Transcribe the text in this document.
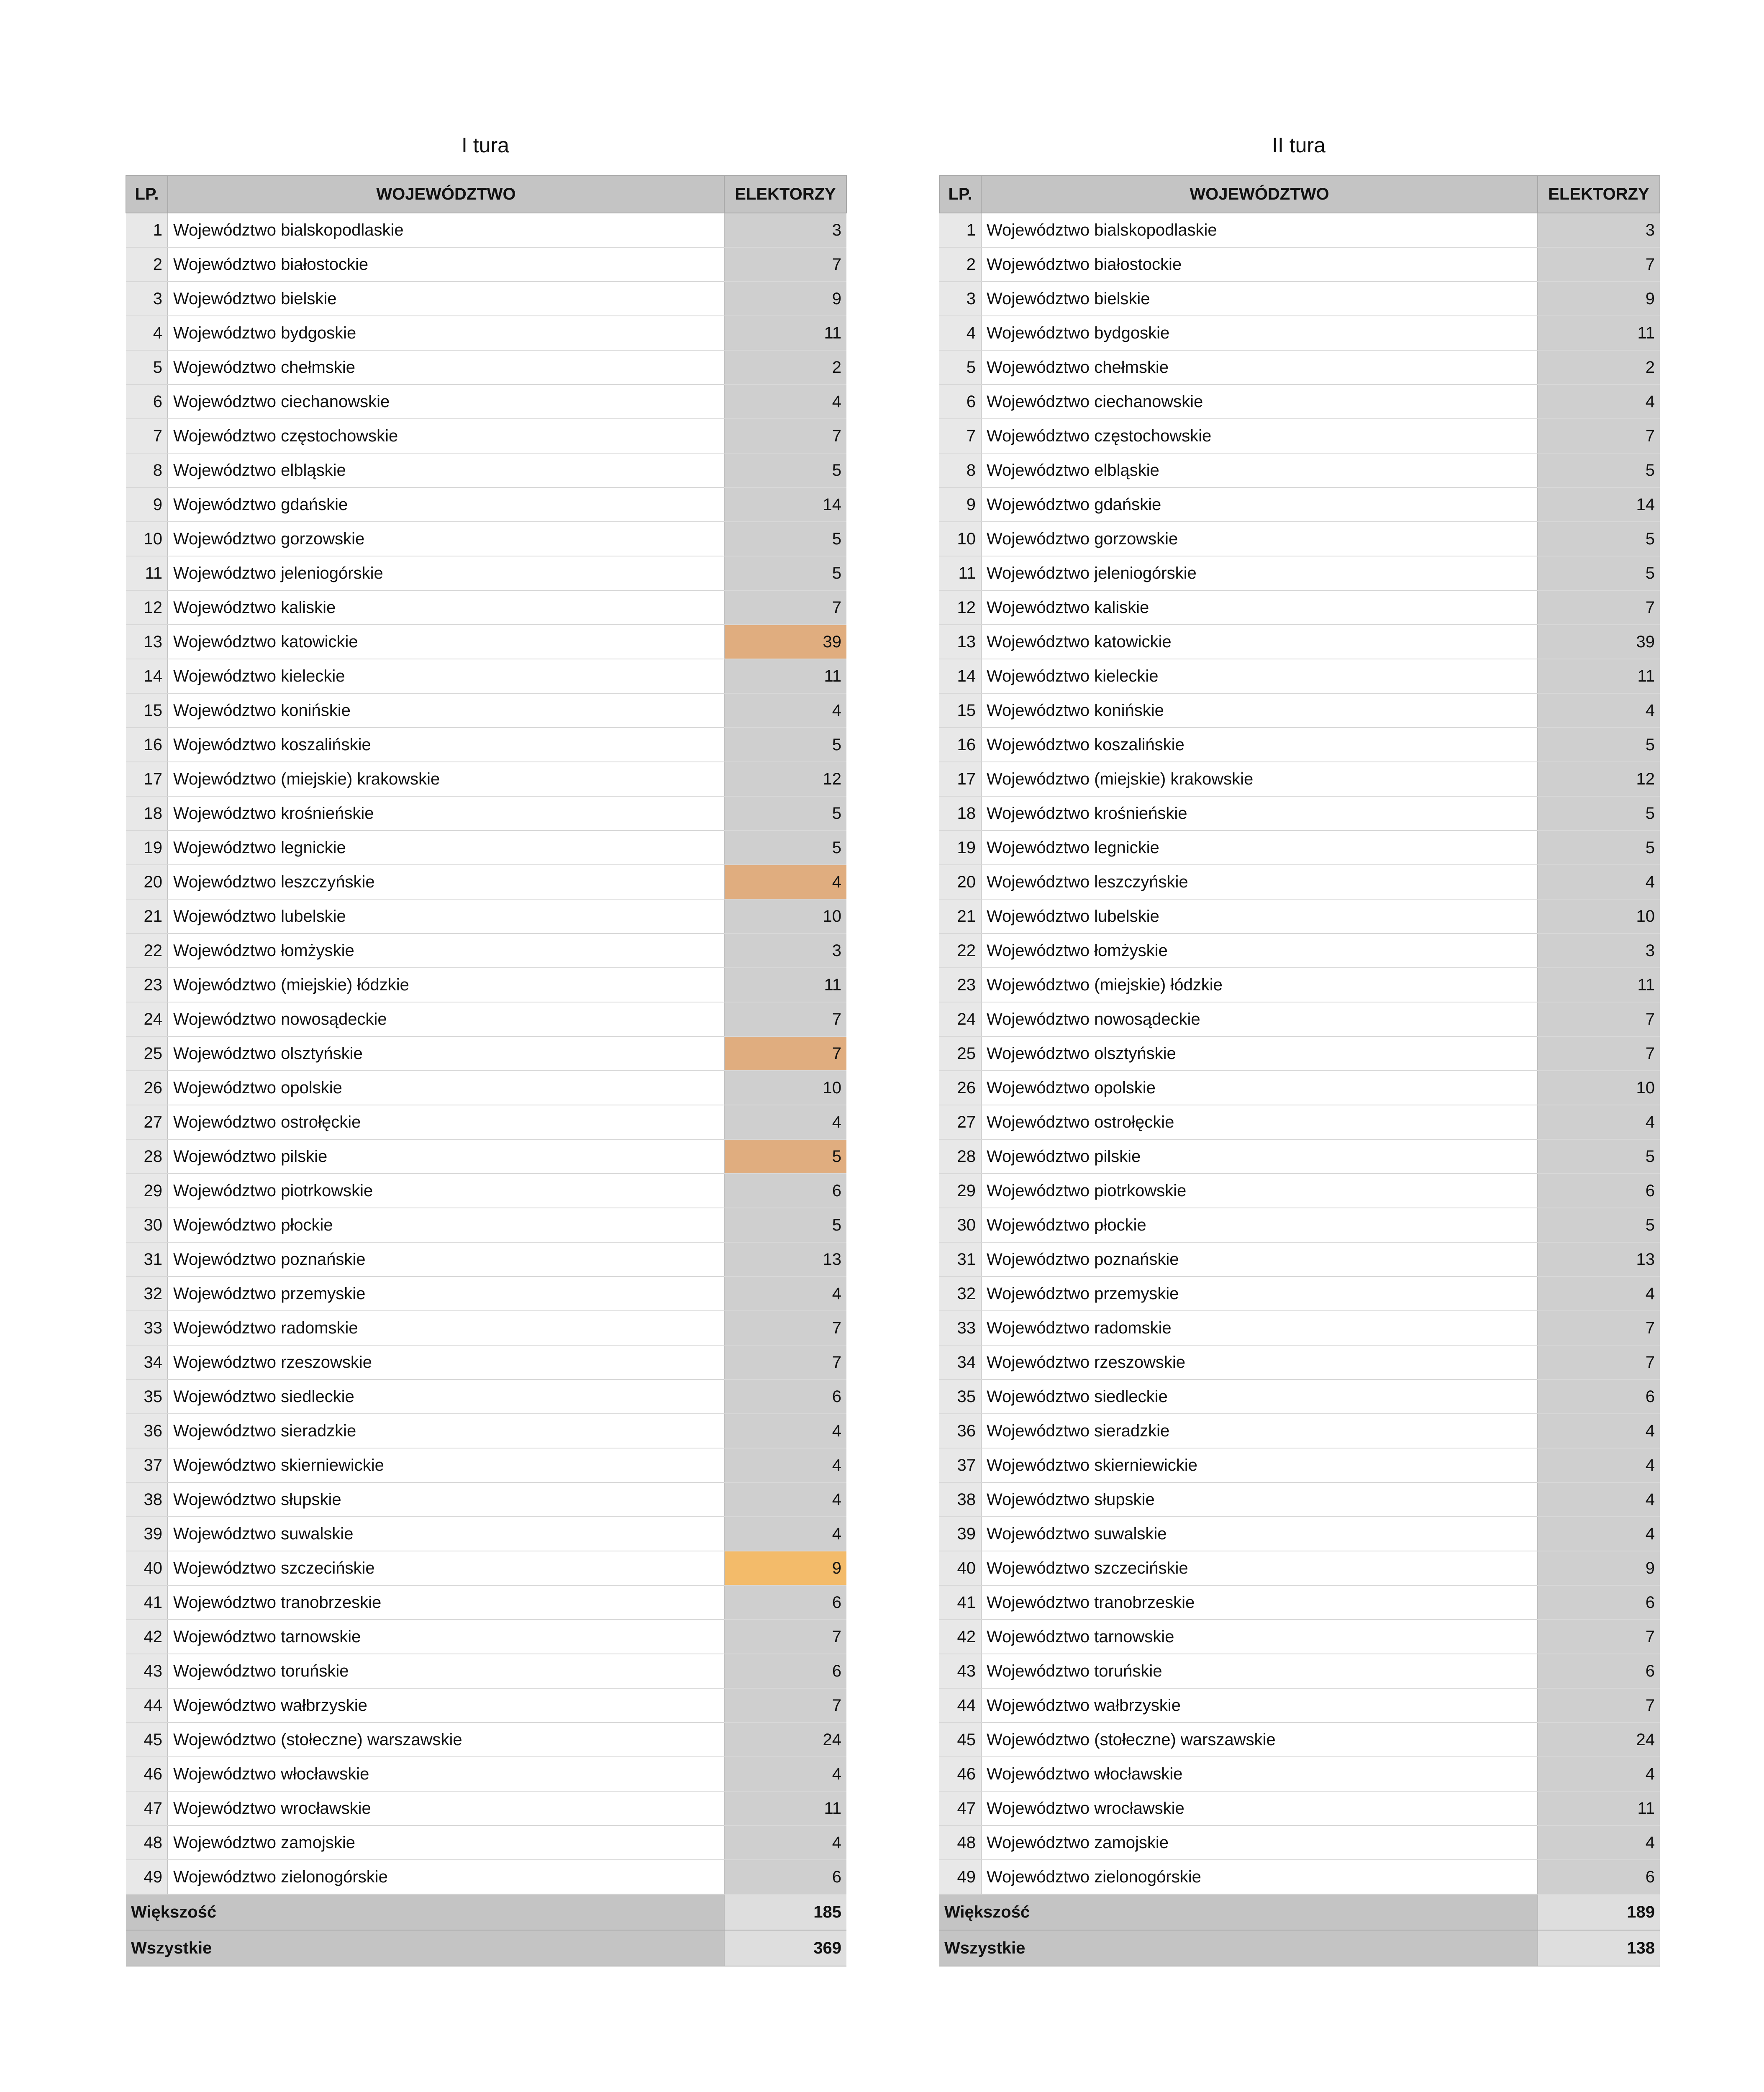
I tura	II tura
LP.	WOJEWÓDZTWO	ELEKTORZY
1	Województwo bialskopodlaskie	3
2	Województwo białostockie	7
3	Województwo bielskie	9
4	Województwo bydgoskie	11
5	Województwo chełmskie	2
6	Województwo ciechanowskie	4
7	Województwo częstochowskie	7
8	Województwo elbląskie	5
9	Województwo gdańskie	14
10	Województwo gorzowskie	5
11	Województwo jeleniogórskie	5
12	Województwo kaliskie	7
13	Województwo katowickie	39
14	Województwo kieleckie	11
15	Województwo konińskie	4
16	Województwo koszalińskie	5
17	Województwo (miejskie) krakowskie	12
18	Województwo krośnieńskie	5
19	Województwo legnickie	5
20	Województwo leszczyńskie	4
21	Województwo lubelskie	10
22	Województwo łomżyskie	3
23	Województwo (miejskie) łódzkie	11
24	Województwo nowosądeckie	7
25	Województwo olsztyńskie	7
26	Województwo opolskie	10
27	Województwo ostrołęckie	4
28	Województwo pilskie	5
29	Województwo piotrkowskie	6
30	Województwo płockie	5
31	Województwo poznańskie	13
32	Województwo przemyskie	4
33	Województwo radomskie	7
34	Województwo rzeszowskie	7
35	Województwo siedleckie	6
36	Województwo sieradzkie	4
37	Województwo skierniewickie	4
38	Województwo słupskie	4
39	Województwo suwalskie	4
40	Województwo szczecińskie	9
41	Województwo tranobrzeskie	6
42	Województwo tarnowskie	7
43	Województwo toruńskie	6
44	Województwo wałbrzyskie	7
45	Województwo (stołeczne) warszawskie	24
46	Województwo włocławskie	4
47	Województwo wrocławskie	11
48	Województwo zamojskie	4
49	Województwo zielonogórskie	6
Większość		185
Wszystkie		369
LP.	WOJEWÓDZTWO	ELEKTORZY
1	Województwo bialskopodlaskie	3
2	Województwo białostockie	7
3	Województwo bielskie	9
4	Województwo bydgoskie	11
5	Województwo chełmskie	2
6	Województwo ciechanowskie	4
7	Województwo częstochowskie	7
8	Województwo elbląskie	5
9	Województwo gdańskie	14
10	Województwo gorzowskie	5
11	Województwo jeleniogórskie	5
12	Województwo kaliskie	7
13	Województwo katowickie	39
14	Województwo kieleckie	11
15	Województwo konińskie	4
16	Województwo koszalińskie	5
17	Województwo (miejskie) krakowskie	12
18	Województwo krośnieńskie	5
19	Województwo legnickie	5
20	Województwo leszczyńskie	4
21	Województwo lubelskie	10
22	Województwo łomżyskie	3
23	Województwo (miejskie) łódzkie	11
24	Województwo nowosądeckie	7
25	Województwo olsztyńskie	7
26	Województwo opolskie	10
27	Województwo ostrołęckie	4
28	Województwo pilskie	5
29	Województwo piotrkowskie	6
30	Województwo płockie	5
31	Województwo poznańskie	13
32	Województwo przemyskie	4
33	Województwo radomskie	7
34	Województwo rzeszowskie	7
35	Województwo siedleckie	6
36	Województwo sieradzkie	4
37	Województwo skierniewickie	4
38	Województwo słupskie	4
39	Województwo suwalskie	4
40	Województwo szczecińskie	9
41	Województwo tranobrzeskie	6
42	Województwo tarnowskie	7
43	Województwo toruńskie	6
44	Województwo wałbrzyskie	7
45	Województwo (stołeczne) warszawskie	24
46	Województwo włocławskie	4
47	Województwo wrocławskie	11
48	Województwo zamojskie	4
49	Województwo zielonogórskie	6
Większość		189
Wszystkie		138
